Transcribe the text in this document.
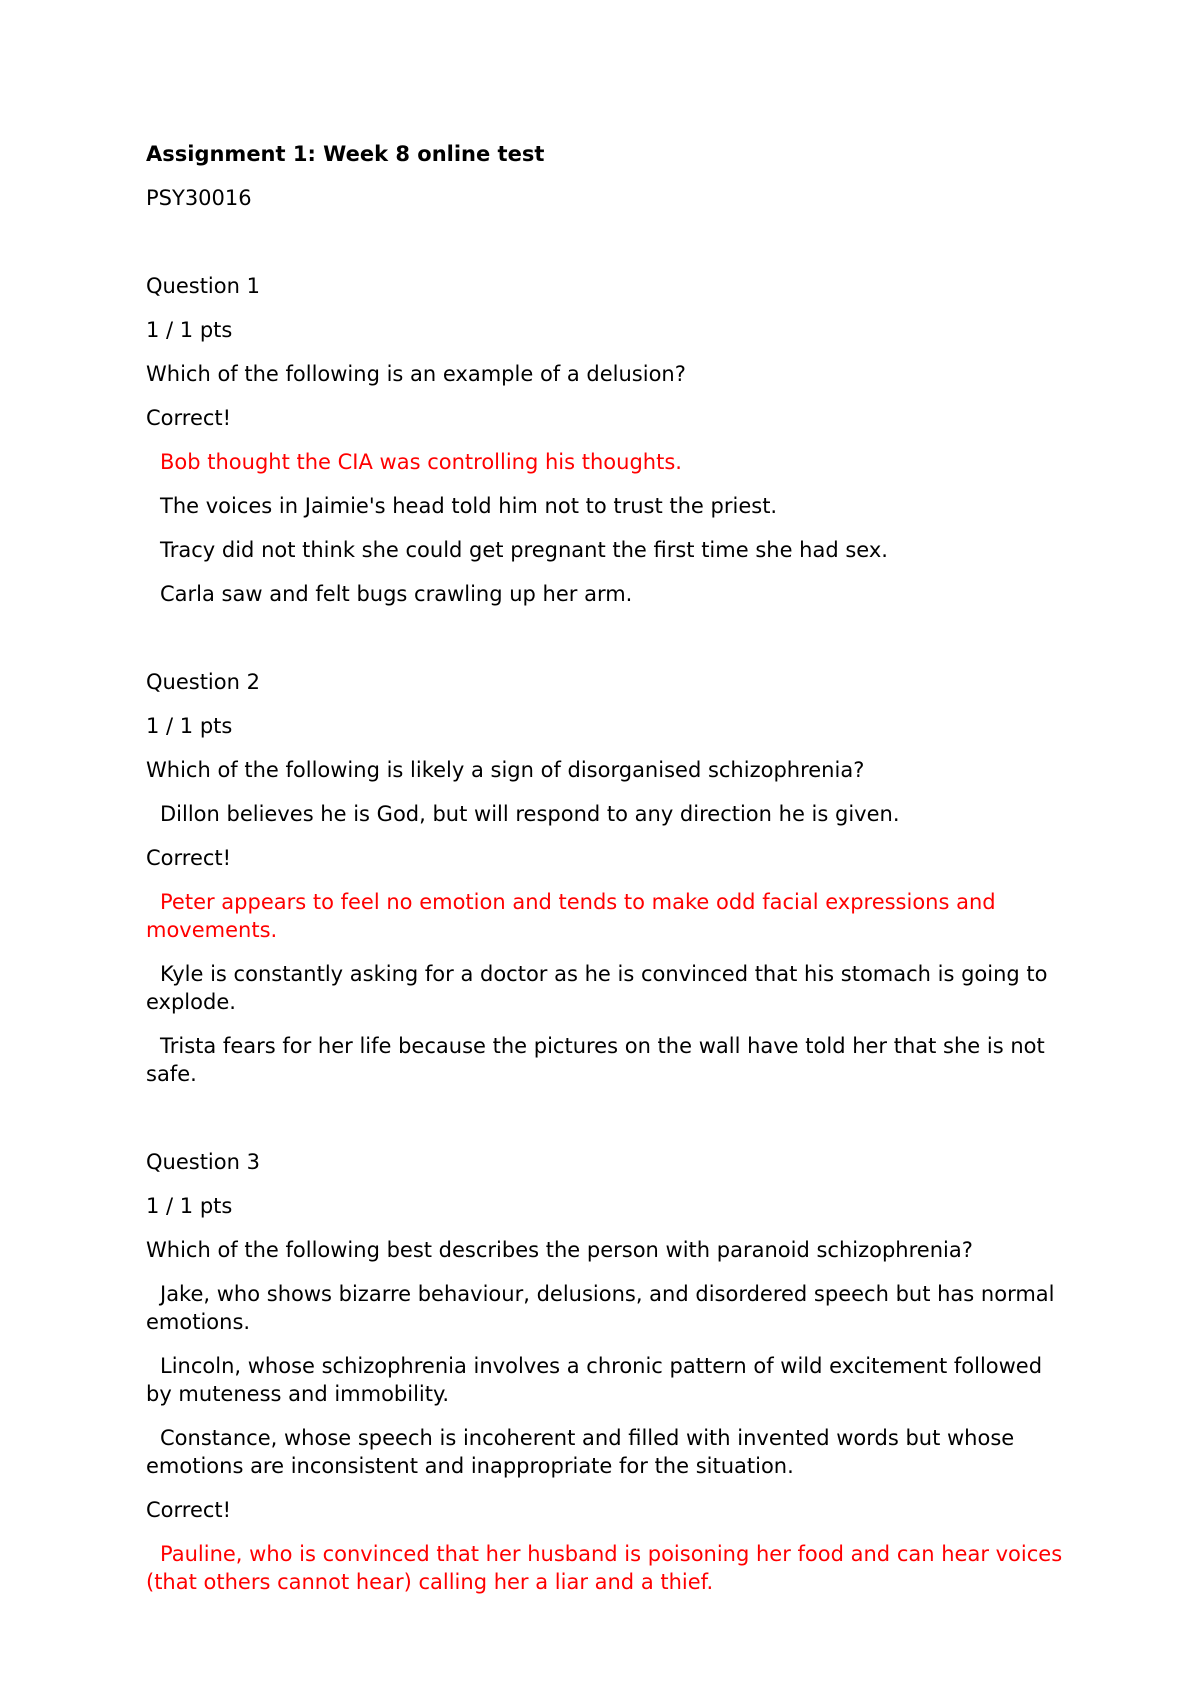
Assignment 1: Week 8 online test
PSY30016
Question 1
1 / 1 pts
Which of the following is an example of a delusion?
Correct!
Bob thought the CIA was controlling his thoughts.
The voices in Jaimie's head told him not to trust the priest.
Tracy did not think she could get pregnant the first time she had sex.
Carla saw and felt bugs crawling up her arm.
Question 2
1 / 1 pts
Which of the following is likely a sign of disorganised schizophrenia?
Dillon believes he is God, but will respond to any direction he is given.
Correct!
Peter appears to feel no emotion and tends to make odd facial expressions and movements.
Kyle is constantly asking for a doctor as he is convinced that his stomach is going to explode.
Trista fears for her life because the pictures on the wall have told her that she is not safe.
Question 3
1 / 1 pts
Which of the following best describes the person with paranoid schizophrenia?
Jake, who shows bizarre behaviour, delusions, and disordered speech but has normal emotions.
Lincoln, whose schizophrenia involves a chronic pattern of wild excitement followed by muteness and immobility.
Constance, whose speech is incoherent and filled with invented words but whose emotions are inconsistent and inappropriate for the situation.
Correct!
Pauline, who is convinced that her husband is poisoning her food and can hear voices (that others cannot hear) calling her a liar and a thief.
